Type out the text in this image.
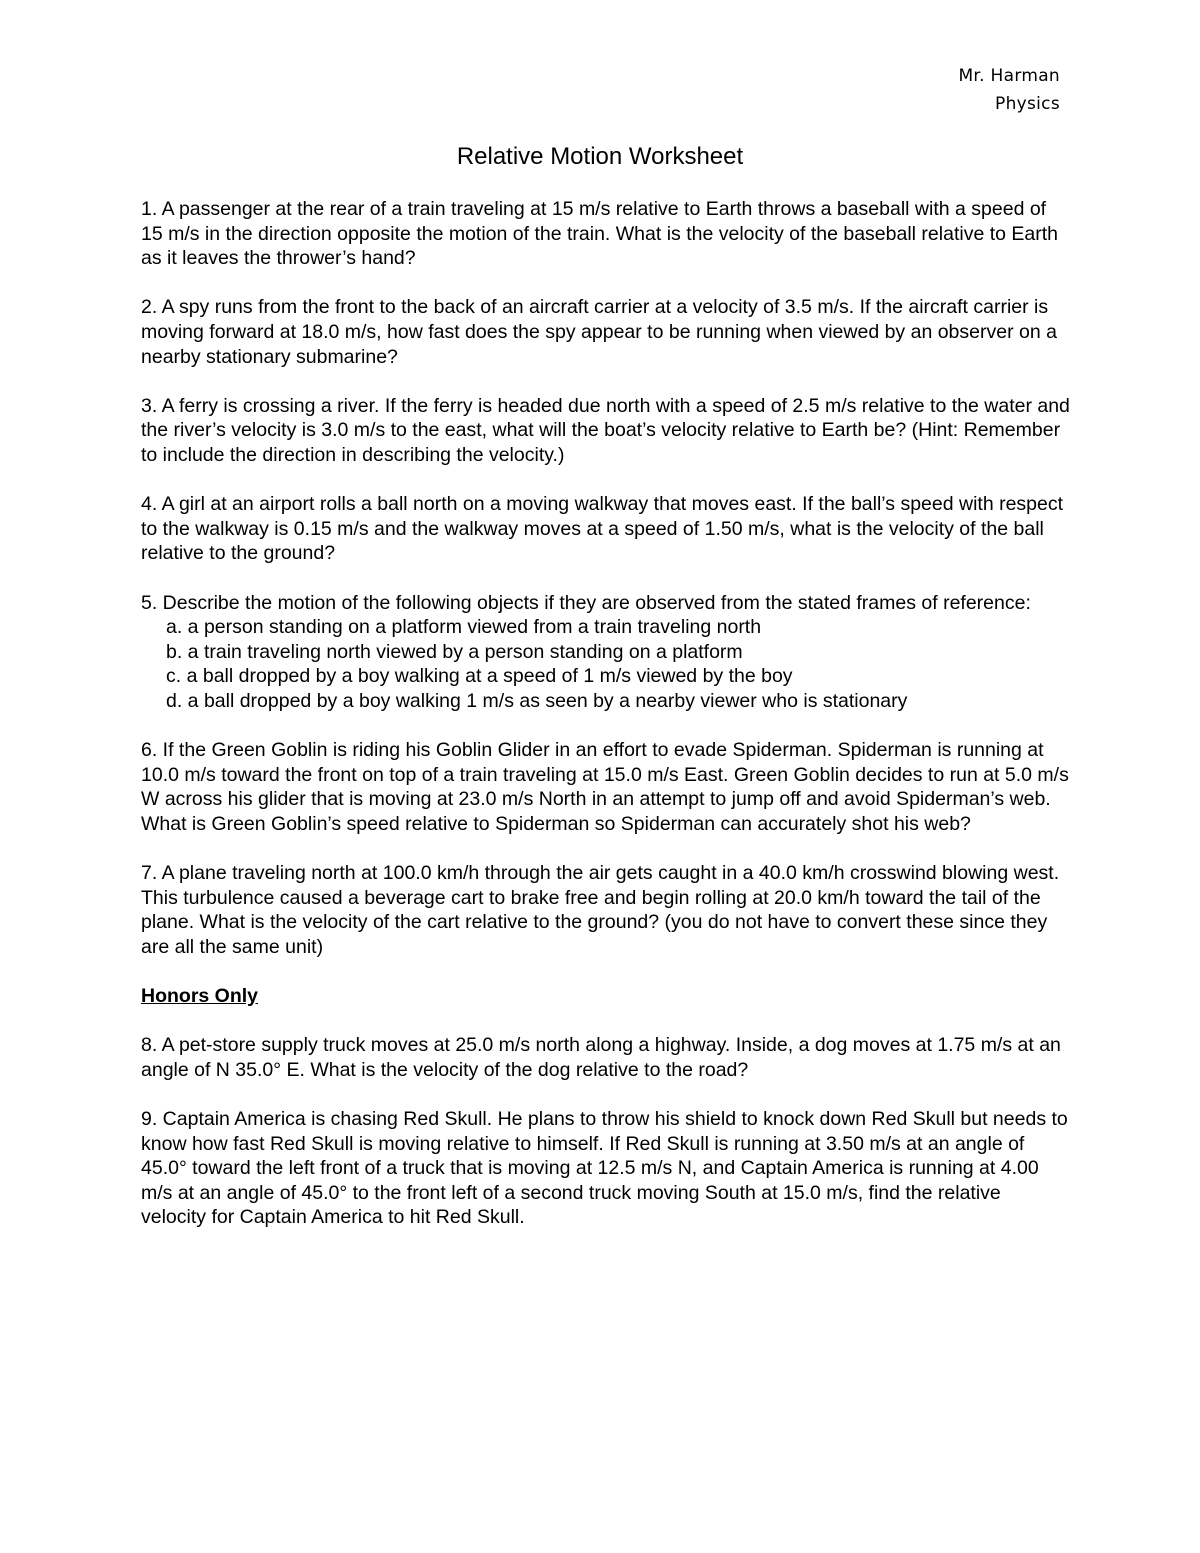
Mr. Harman
Physics
Relative Motion Worksheet

1. A passenger at the rear of a train traveling at 15 m/s relative to Earth throws a baseball with a speed of 15 m/s in the direction opposite the motion of the train. What is the velocity of the baseball relative to Earth as it leaves the thrower’s hand?

2. A spy runs from the front to the back of an aircraft carrier at a velocity of 3.5 m/s. If the aircraft carrier is moving forward at 18.0 m/s, how fast does the spy appear to be running when viewed by an observer on a nearby stationary submarine?

3. A ferry is crossing a river. If the ferry is headed due north with a speed of 2.5 m/s relative to the water and the river’s velocity is 3.0 m/s to the east, what will the boat’s velocity relative to Earth be? (Hint: Remember to include the direction in describing the velocity.)

4. A girl at an airport rolls a ball north on a moving walkway that moves east. If the ball’s speed with respect to the walkway is 0.15 m/s and the walkway moves at a speed of 1.50 m/s, what is the velocity of the ball relative to the ground?

5. Describe the motion of the following objects if they are observed from the stated frames of reference:
a. a person standing on a platform viewed from a train traveling north
b. a train traveling north viewed by a person standing on a platform
c. a ball dropped by a boy walking at a speed of 1 m/s viewed by the boy
d. a ball dropped by a boy walking 1 m/s as seen by a nearby viewer who is stationary

6. If the Green Goblin is riding his Goblin Glider in an effort to evade Spiderman. Spiderman is running at 10.0 m/s toward the front on top of a train traveling at 15.0 m/s East. Green Goblin decides to run at 5.0 m/s W across his glider that is moving at 23.0 m/s North in an attempt to jump off and avoid Spiderman’s web. What is Green Goblin’s speed relative to Spiderman so Spiderman can accurately shot his web?

7. A plane traveling north at 100.0 km/h through the air gets caught in a 40.0 km/h crosswind blowing west. This turbulence caused a beverage cart to brake free and begin rolling at 20.0 km/h toward the tail of the plane. What is the velocity of the cart relative to the ground? (you do not have to convert these since they are all the same unit)

Honors Only

8. A pet-store supply truck moves at 25.0 m/s north along a highway. Inside, a dog moves at 1.75 m/s at an angle of N 35.0° E. What is the velocity of the dog relative to the road?

9. Captain America is chasing Red Skull. He plans to throw his shield to knock down Red Skull but needs to know how fast Red Skull is moving relative to himself. If Red Skull is running at 3.50 m/s at an angle of 45.0° toward the left front of a truck that is moving at 12.5 m/s N, and Captain America is running at 4.00 m/s at an angle of 45.0° to the front left of a second truck moving South at 15.0 m/s, find the relative velocity for Captain America to hit Red Skull.
